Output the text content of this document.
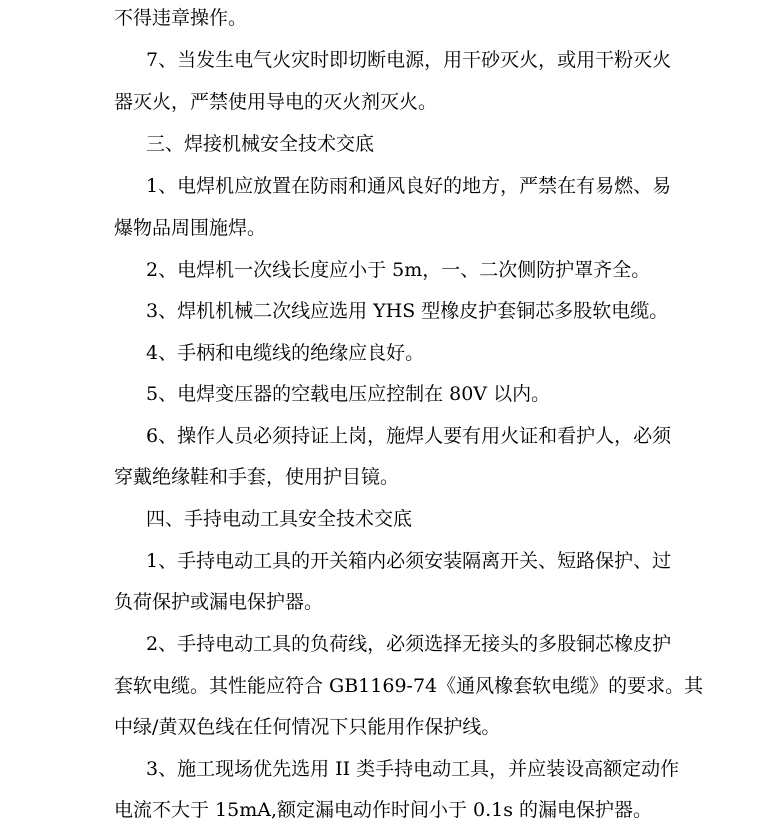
不得违章操作。
7、当发生电气火灾时即切断电源，用干砂灭火，或用干粉灭火
器灭火，严禁使用导电的灭火剂灭火。
三、焊接机械安全技术交底
1、电焊机应放置在防雨和通风良好的地方，严禁在有易燃、易
爆物品周围施焊。
2、电焊机一次线长度应小于 5m，一、二次侧防护罩齐全。
3、焊机机械二次线应选用 YHS 型橡皮护套铜芯多股软电缆。
4、手柄和电缆线的绝缘应良好。
5、电焊变压器的空载电压应控制在 80V 以内。
6、操作人员必须持证上岗，施焊人要有用火证和看护人，必须
穿戴绝缘鞋和手套，使用护目镜。
四、手持电动工具安全技术交底
1、手持电动工具的开关箱内必须安装隔离开关、短路保护、过
负荷保护或漏电保护器。
2、手持电动工具的负荷线，必须选择无接头的多股铜芯橡皮护
套软电缆。其性能应符合 GB1169-74《通风橡套软电缆》的要求。其
中绿/黄双色线在任何情况下只能用作保护线。
3、施工现场优先选用 II 类手持电动工具，并应装设高额定动作
电流不大于 15mA,额定漏电动作时间小于 0.1s 的漏电保护器。
